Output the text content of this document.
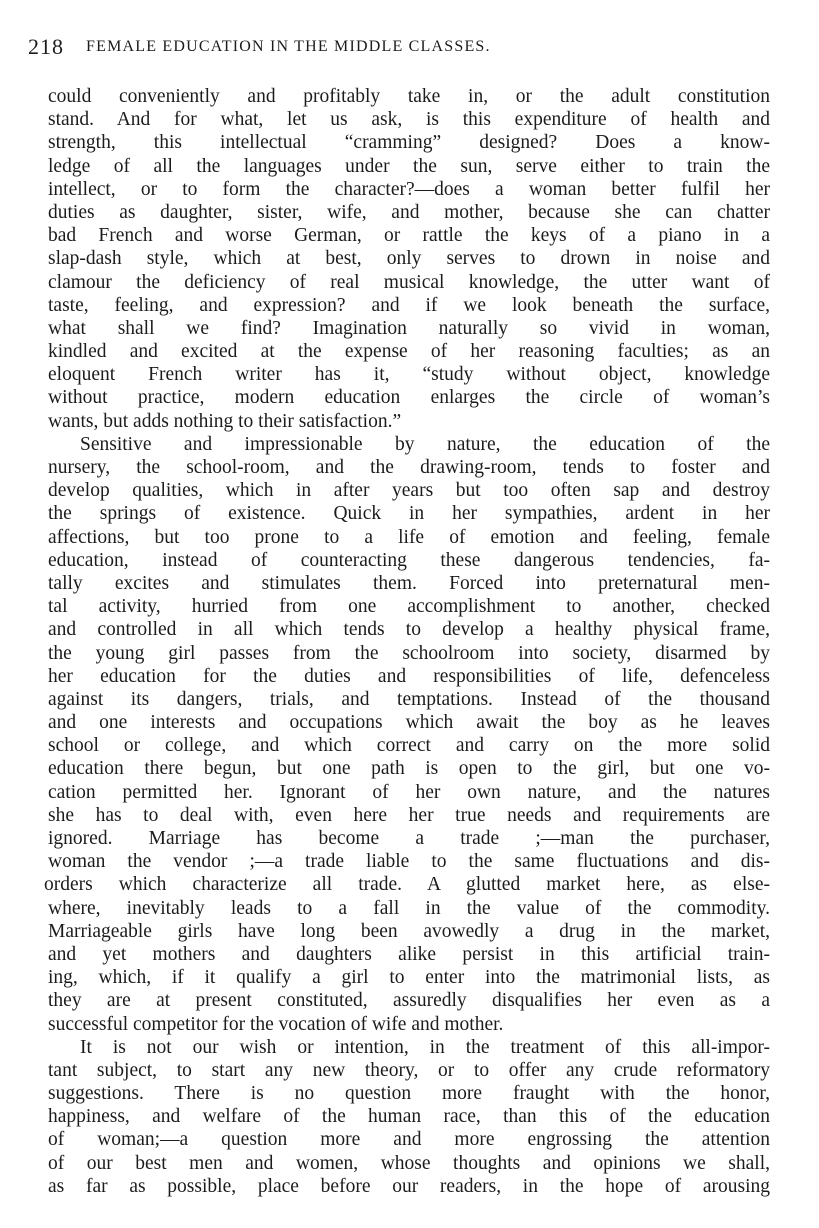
218 FEMALE EDUCATION IN THE MIDDLE CLASSES.
could conveniently and profitably take in, or the adult constitution
stand. And for what, let us ask, is this expenditure of health and
strength, this intellectual “cramming” designed? Does a know-
ledge of all the languages under the sun, serve either to train the
intellect, or to form the character?—does a woman better fulfil her
duties as daughter, sister, wife, and mother, because she can chatter
bad French and worse German, or rattle the keys of a piano in a
slap-dash style, which at best, only serves to drown in noise and
clamour the deficiency of real musical knowledge, the utter want of
taste, feeling, and expression? and if we look beneath the surface,
what shall we find? Imagination naturally so vivid in woman,
kindled and excited at the expense of her reasoning faculties; as an
eloquent French writer has it, “study without object, knowledge
without practice, modern education enlarges the circle of woman’s
wants, but adds nothing to their satisfaction.”
Sensitive and impressionable by nature, the education of the
nursery, the school-room, and the drawing-room, tends to foster and
develop qualities, which in after years but too often sap and destroy
the springs of existence. Quick in her sympathies, ardent in her
affections, but too prone to a life of emotion and feeling, female
education, instead of counteracting these dangerous tendencies, fa-
tally excites and stimulates them. Forced into preternatural men-
tal activity, hurried from one accomplishment to another, checked
and controlled in all which tends to develop a healthy physical frame,
the young girl passes from the schoolroom into society, disarmed by
her education for the duties and responsibilities of life, defenceless
against its dangers, trials, and temptations. Instead of the thousand
and one interests and occupations which await the boy as he leaves
school or college, and which correct and carry on the more solid
education there begun, but one path is open to the girl, but one vo-
cation permitted her. Ignorant of her own nature, and the natures
she has to deal with, even here her true needs and requirements are
ignored. Marriage has become a trade ;—man the purchaser,
woman the vendor ;—a trade liable to the same fluctuations and dis-
orders which characterize all trade. A glutted market here, as else-
where, inevitably leads to a fall in the value of the commodity.
Marriageable girls have long been avowedly a drug in the market,
and yet mothers and daughters alike persist in this artificial train-
ing, which, if it qualify a girl to enter into the matrimonial lists, as
they are at present constituted, assuredly disqualifies her even as a
successful competitor for the vocation of wife and mother.
It is not our wish or intention, in the treatment of this all-impor-
tant subject, to start any new theory, or to offer any crude reformatory
suggestions. There is no question more fraught with the honor,
happiness, and welfare of the human race, than this of the education
of woman;—a question more and more engrossing the attention
of our best men and women, whose thoughts and opinions we shall,
as far as possible, place before our readers, in the hope of arousing
